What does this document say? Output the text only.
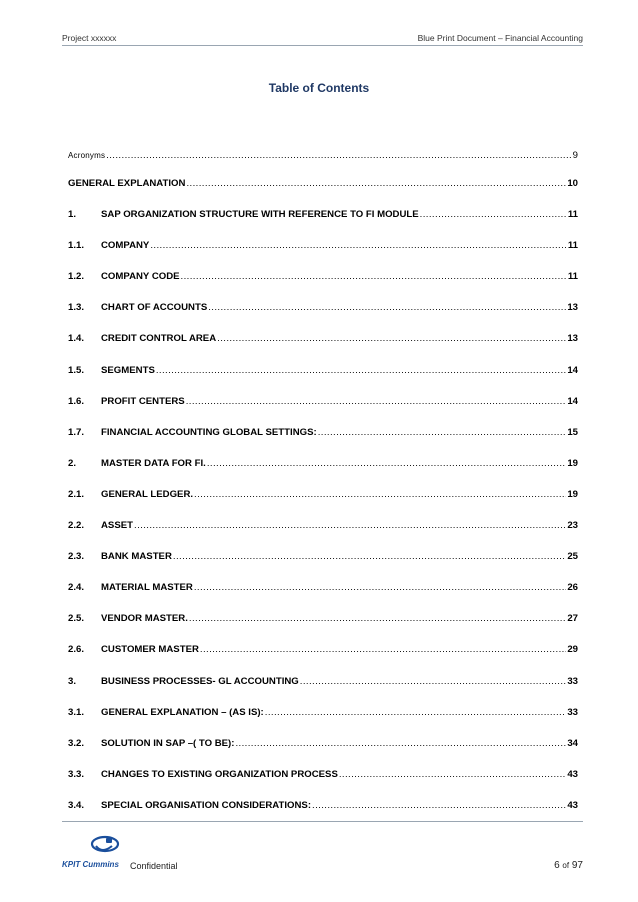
Project xxxxxx	Blue Print Document – Financial Accounting
Table of Contents
Acronyms .....	9
GENERAL EXPLANATION .....	10
1.	SAP ORGANIZATION STRUCTURE WITH REFERENCE TO FI MODULE .....	11
1.1.	COMPANY .....	11
1.2.	COMPANY CODE .....	11
1.3.	CHART OF ACCOUNTS .....	13
1.4.	CREDIT CONTROL AREA .....	13
1.5.	SEGMENTS .....	14
1.6.	PROFIT CENTERS .....	14
1.7.	FINANCIAL ACCOUNTING GLOBAL SETTINGS: .....	15
2.	MASTER DATA FOR FI. .....	19
2.1.	GENERAL LEDGER. .....	19
2.2.	ASSET .....	23
2.3.	BANK MASTER .....	25
2.4.	MATERIAL MASTER .....	26
2.5.	VENDOR MASTER. .....	27
2.6.	CUSTOMER MASTER .....	29
3.	BUSINESS PROCESSES- GL ACCOUNTING .....	33
3.1.	GENERAL EXPLANATION – (AS IS): .....	33
3.2.	SOLUTION IN SAP –( TO BE): .....	34
3.3.	CHANGES TO EXISTING ORGANIZATION PROCESS .....	43
3.4.	SPECIAL ORGANISATION CONSIDERATIONS: .....	43
KPIT Cummins Confidential	6 of 97
